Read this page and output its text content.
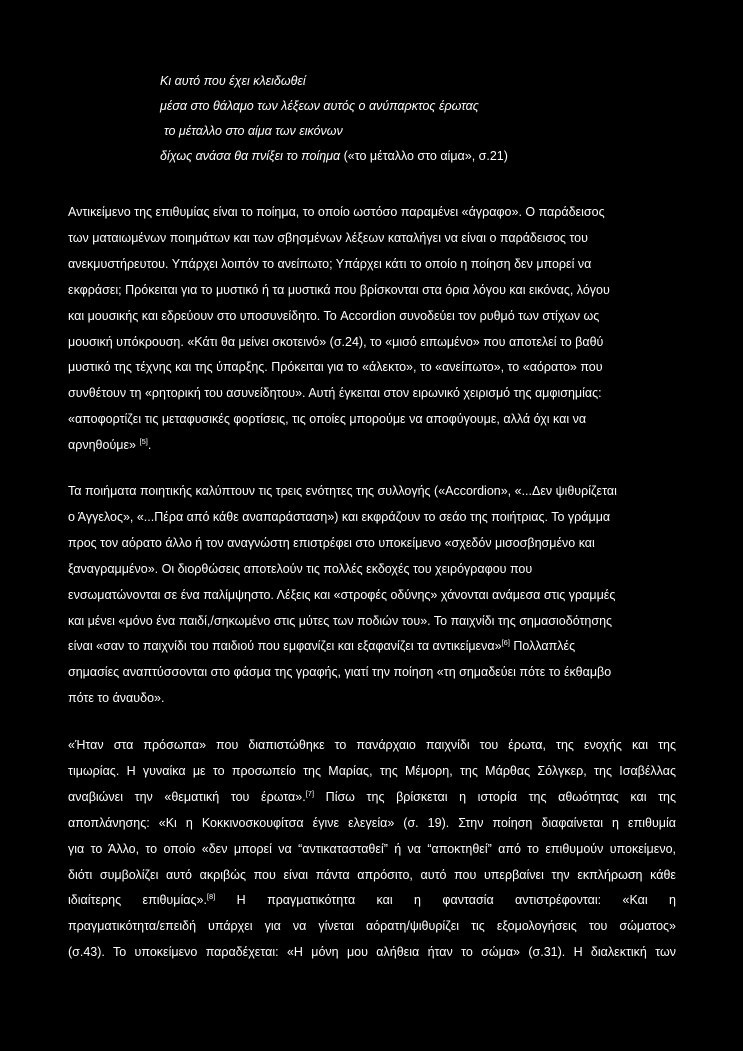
Κι αυτό που έχει κλειδωθεί
μέσα στο θάλαμο των λέξεων αυτός ο ανύπαρκτος έρωτας
το μέταλλο στο αίμα των εικόνων
δίχως ανάσα θα πνίξει το ποίημα («το μέταλλο στο αίμα», σ.21)
Αντικείμενο της επιθυμίας είναι το ποίημα, το οποίο ωστόσο παραμένει «άγραφο». Ο παράδεισος
των ματαιωμένων ποιημάτων και των σβησμένων λέξεων καταλήγει να είναι ο παράδεισος του
ανεκμυστήρευτου. Υπάρχει λοιπόν το ανείπωτο; Υπάρχει κάτι το οποίο η ποίηση δεν μπορεί να
εκφράσει; Πρόκειται για το μυστικό ή τα μυστικά που βρίσκονται στα όρια λόγου και εικόνας, λόγου
και μουσικής και εδρεύουν στο υποσυνείδητο. Το Accordion συνοδεύει τον ρυθμό των στίχων ως
μουσική υπόκρουση. «Κάτι θα μείνει σκοτεινό» (σ.24), το «μισό ειπωμένο» που αποτελεί το βαθύ
μυστικό της τέχνης και της ύπαρξης. Πρόκειται για το «άλεκτο», το «ανείπωτο», το «αόρατο» που
συνθέτουν τη «ρητορική του ασυνείδητου». Αυτή έγκειται στον ειρωνικό χειρισμό της αμφισημίας:
«αποφορτίζει τις μεταφυσικές φορτίσεις, τις οποίες μπορούμε να αποφύγουμε, αλλά όχι και να
αρνηθούμε» [5].
Τα ποιήματα ποιητικής καλύπτουν τις τρεις ενότητες της συλλογής («Accordion», «...Δεν ψιθυρίζεται
ο Άγγελος», «...Πέρα από κάθε αναπαράσταση») και εκφράζουν το σεάο της ποιήτριας. Το γράμμα
προς τον αόρατο άλλο ή τον αναγνώστη επιστρέφει στο υποκείμενο «σχεδόν μισοσβησμένο και
ξαναγραμμένο». Οι διορθώσεις αποτελούν τις πολλές εκδοχές του χειρόγραφου που
ενσωματώνονται σε ένα παλίμψηστο. Λέξεις και «στροφές οδύνης» χάνονται ανάμεσα στις γραμμές
και μένει «μόνο ένα παιδί,/σηκωμένο στις μύτες των ποδιών του». Το παιχνίδι της σημασιοδότησης
είναι «σαν το παιχνίδι του παιδιού που εμφανίζει και εξαφανίζει τα αντικείμενα»[6] Πολλαπλές
σημασίες αναπτύσσονται στο φάσμα της γραφής, γιατί την ποίηση «τη σημαδεύει πότε το έκθαμβο
πότε το άναυδο».
«Ήταν στα πρόσωπα» που διαπιστώθηκε το πανάρχαιο παιχνίδι του έρωτα, της ενοχής και της
τιμωρίας. Η γυναίκα με το προσωπείο της Μαρίας, της Μέμορη, της Μάρθας Σόλγκερ, της Ισαβέλλας
αναβιώνει την «θεματική του έρωτα».[7] Πίσω της βρίσκεται η ιστορία της αθωότητας και της
αποπλάνησης: «Κι η Κοκκινοσκουφίτσα έγινε ελεγεία» (σ. 19). Στην ποίηση διαφαίνεται η επιθυμία
για το Άλλο, το οποίο «δεν μπορεί να “αντικατασταθεί” ή να “αποκτηθεί” από το επιθυμούν υποκείμενο,
διότι συμβολίζει αυτό ακριβώς που είναι πάντα απρόσιτο, αυτό που υπερβαίνει την εκπλήρωση κάθε
ιδιαίτερης επιθυμίας».[8] Η πραγματικότητα και η φαντασία αντιστρέφονται: «Και η
πραγματικότητα/επειδή υπάρχει για να γίνεται αόρατη/ψιθυρίζει τις εξομολογήσεις του σώματος»
(σ.43). Το υποκείμενο παραδέχεται: «Η μόνη μου αλήθεια ήταν το σώμα» (σ.31). Η διαλεκτική των
